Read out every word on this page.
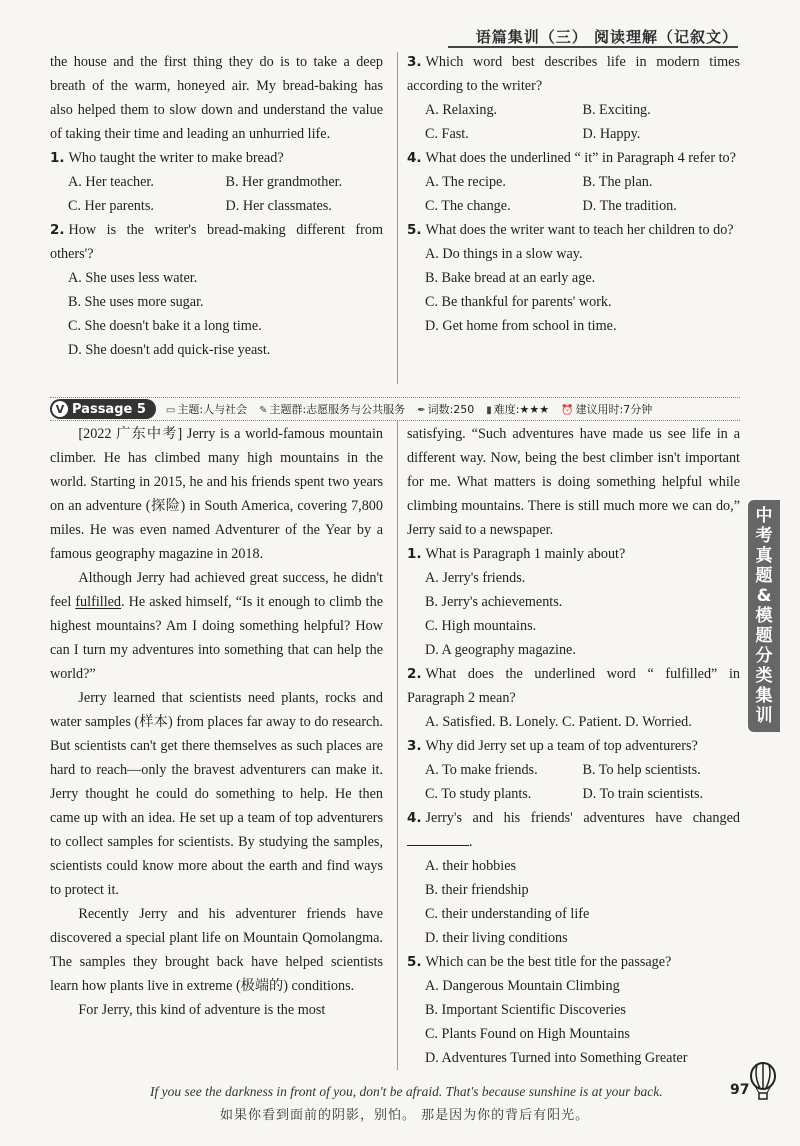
语篇集训（三） 阅读理解（记叙文）

the house and the first thing they do is to take a deep breath of the warm, honeyed air. My bread-baking has also helped them to slow down and understand the value of taking their time and leading an unhurried life.

1. Who taught the writer to make bread?

A. Her teacher.	B. Her grandmother.
C. Her parents.	D. Her classmates.

2. How is the writer's bread-making different from others'?

A. She uses less water.

B. She uses more sugar.

C. She doesn't bake it a long time.

D. She doesn't add quick-rise yeast.

3. Which word best describes life in modern times according to the writer?

A. Relaxing.	B. Exciting.
C. Fast.	D. Happy.

4. What does the underlined “ it” in Paragraph 4 refer to?

A. The recipe.	B. The plan.
C. The change.	D. The tradition.

5. What does the writer want to teach her children to do?

A. Do things in a slow way.

B. Bake bread at an early age.

C. Be thankful for parents' work.

D. Get home from school in time.

V Passage 5 ▭ 主题:人与社会 ✎ 主题群:志愿服务与公共服务 ✒ 词数:250 ▮ 难度:★★★ ⏰ 建议用时:7分钟

[2022 广东中考] Jerry is a world-famous mountain climber. He has climbed many high mountains in the world. Starting in 2015, he and his friends spent two years on an adventure (探险) in South America, covering 7,800 miles. He was even named Adventurer of the Year by a famous geography magazine in 2018.

Although Jerry had achieved great success, he didn't feel fulfilled. He asked himself, “Is it enough to climb the highest mountains? Am I doing something helpful? How can I turn my adventures into something that can help the world?”

Jerry learned that scientists need plants, rocks and water samples (样本) from places far away to do research. But scientists can't get there themselves as such places are hard to reach—only the bravest adventurers can make it. Jerry thought he could do something to help. He then came up with an idea. He set up a team of top adventurers to collect samples for scientists. By studying the samples, scientists could know more about the earth and find ways to protect it.

Recently Jerry and his adventurer friends have discovered a special plant life on Mountain Qomolangma. The samples they brought back have helped scientists learn how plants live in extreme (极端的) conditions.

For Jerry, this kind of adventure is the most

satisfying. “Such adventures have made us see life in a different way. Now, being the best climber isn't important for me. What matters is doing something helpful while climbing mountains. There is still much more we can do,” Jerry said to a newspaper.

1. What is Paragraph 1 mainly about?

A. Jerry's friends.

B. Jerry's achievements.

C. High mountains.

D. A geography magazine.

2. What does the underlined word “ fulfilled” in Paragraph 2 mean?

A. Satisfied. B. Lonely. C. Patient. D. Worried.

3. Why did Jerry set up a team of top adventurers?

A. To make friends.	B. To help scientists.
C. To study plants.	D. To train scientists.

4. Jerry's and his friends' adventures have changed .

A. their hobbies

B. their friendship

C. their understanding of life

D. their living conditions

5. Which can be the best title for the passage?

A. Dangerous Mountain Climbing

B. Important Scientific Discoveries

C. Plants Found on High Mountains

D. Adventures Turned into Something Greater

中
考
真
题
&
模
题
分
类
集
训
If you see the darkness in front of you, don't be afraid. That's because sunshine is at your back.
如果你看到面前的阴影，别怕。 那是因为你的背后有阳光。
97
